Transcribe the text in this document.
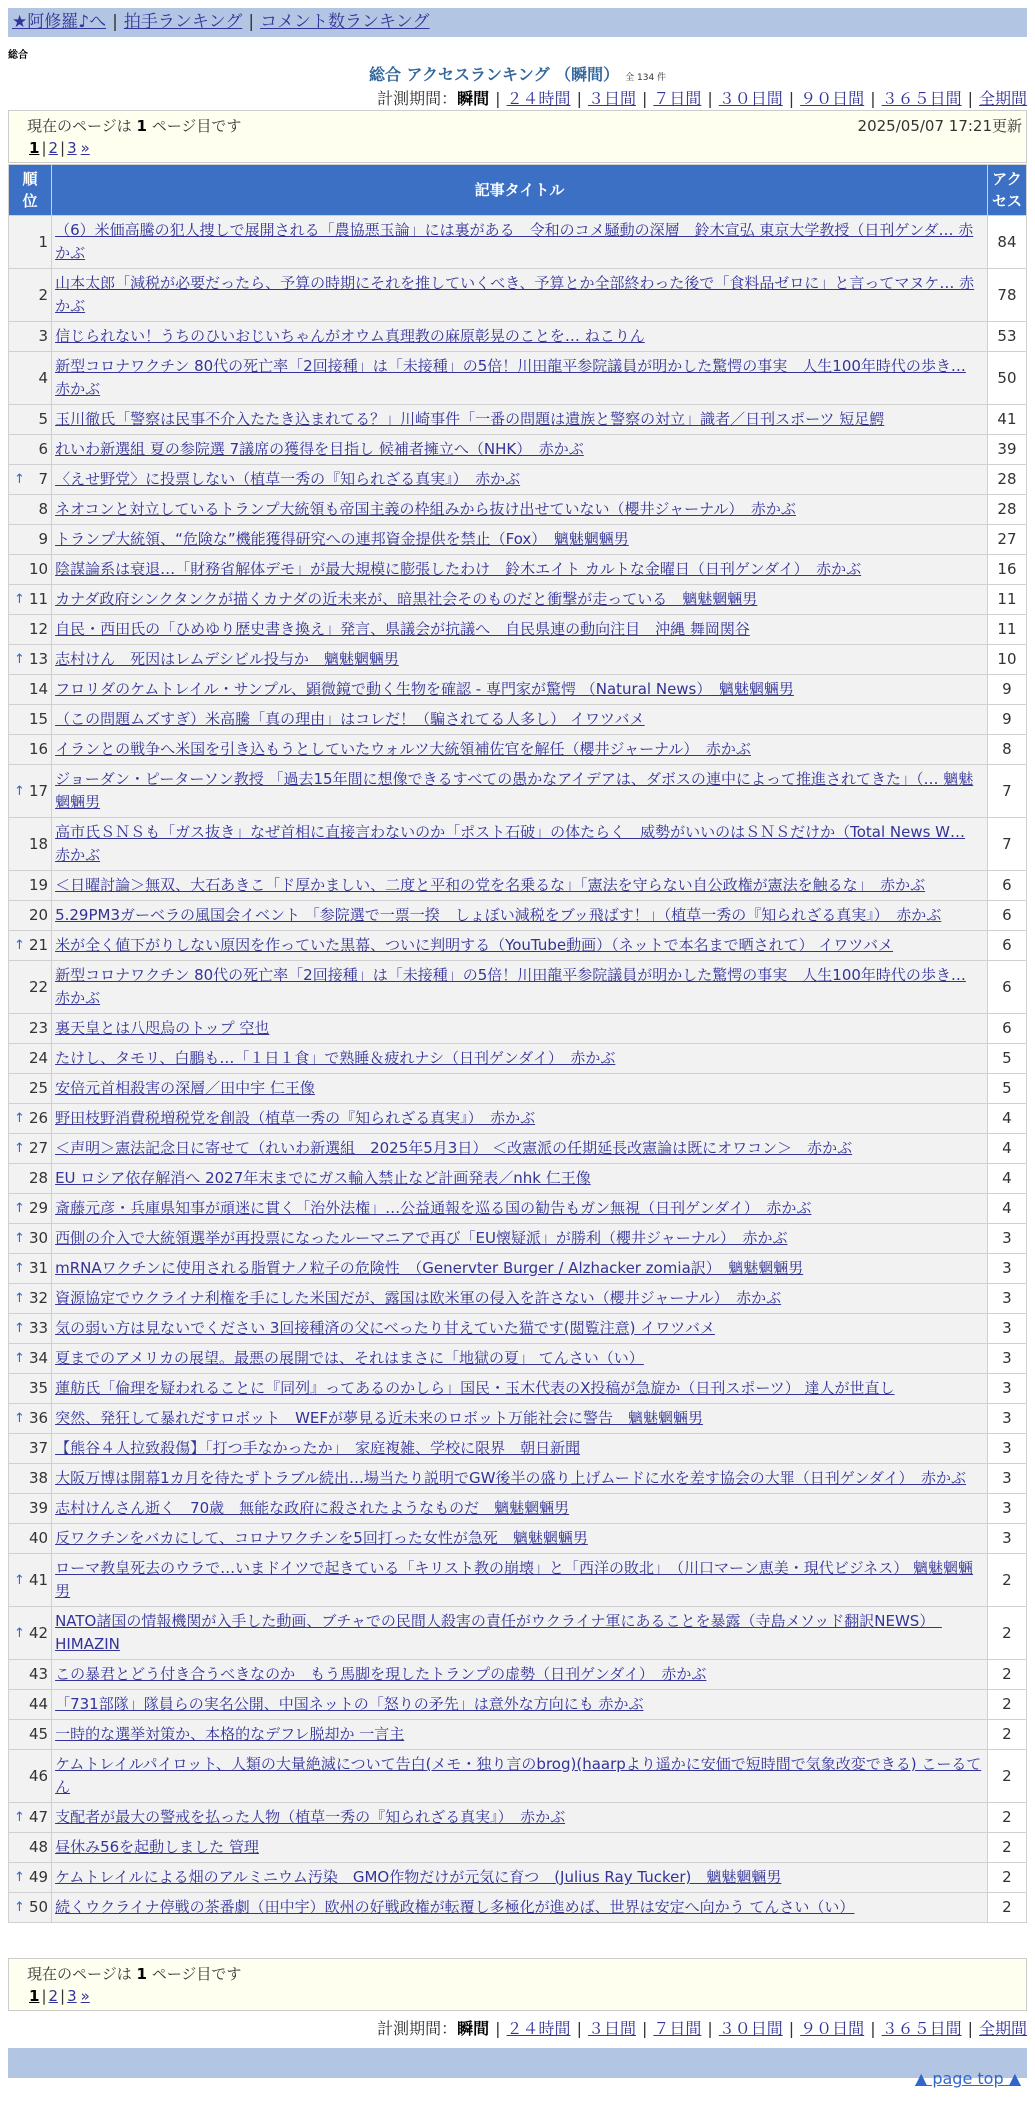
★阿修羅♪へ | 拍手ランキング | コメント数ランキング
総合
総合 アクセスランキング （瞬間） 全 134 件
計測期間：瞬間 | ２４時間 | ３日間 | ７日間 | ３０日間 | ９０日間 | ３６５日間 | 全期間
現在のページは 1 ページ目です	2025/05/07 17:21更新
1 | 2 | 3 »
順位	記事タイトル	アクセス
1	（6）米価高騰の犯人捜しで展開される「農協悪玉論」には裏がある　令和のコメ騒動の深層　鈴木宣弘 東京大学教授（日刊ゲンダ… 赤かぶ	84
2	山本太郎「減税が必要だったら、予算の時期にそれを推していくべき、予算とか全部終わった後で「食料品ゼロに」と言ってマヌケ… 赤かぶ	78
3	信じられない！うちのひいおじいちゃんがオウム真理教の麻原彰晃のことを… ねこりん	53
4	新型コロナワクチン 80代の死亡率「2回接種」は「未接種」の5倍！川田龍平参院議員が明かした驚愕の事実　人生100年時代の歩き… 赤かぶ	50
5	玉川徹氏「警察は民事不介入たたき込まれてる？」川崎事件「一番の問題は遺族と警察の対立」識者／日刊スポーツ 短足鰐	41
6	れいわ新選組 夏の参院選 7議席の獲得を目指し 候補者擁立へ（NHK）　赤かぶ	39

↑ 7	〈えせ野党〉に投票しない（植草一秀の『知られざる真実』）　赤かぶ	28
8	ネオコンと対立しているトランプ大統領も帝国主義の枠組みから抜け出せていない（櫻井ジャーナル）　赤かぶ	28
9	トランプ大統領、“危険な”機能獲得研究への連邦資金提供を禁止（Fox）　魑魅魍魎男	27
10	陰謀論系は衰退…「財務省解体デモ」が最大規模に膨張したわけ　鈴木エイト カルトな金曜日（日刊ゲンダイ）　赤かぶ	16

↑ 11	カナダ政府シンクタンクが描くカナダの近未来が、暗黒社会そのものだと衝撃が走っている　魑魅魍魎男	11
12	自民・西田氏の「ひめゆり歴史書き換え」発言、県議会が抗議へ　自民県連の動向注目　沖縄 舞岡関谷	11

↑ 13	志村けん　死因はレムデシビル投与か　魑魅魍魎男	10
14	フロリダのケムトレイル・サンプル、顕微鏡で動く生物を確認 - 専門家が驚愕 （Natural News）　魑魅魍魎男	9
15	（この問題ムズすぎ）米高騰「真の理由」はコレだ！（騙されてる人多し） イワツバメ	9
16	イランとの戦争へ米国を引き込もうとしていたウォルツ大統領補佐官を解任（櫻井ジャーナル）　赤かぶ	8

↑ 17	ジョーダン・ピーターソン教授 「過去15年間に想像できるすべての愚かなアイデアは、ダボスの連中によって推進されてきた」（… 魑魅魍魎男	7
18	高市氏ＳＮＳも「ガス抜き」なぜ首相に直接言わないのか「ポスト石破」の体たらく　威勢がいいのはＳＮＳだけか（Total News W… 赤かぶ	7
19	＜日曜討論＞無双、大石あきこ「ド厚かましい、二度と平和の党を名乗るな」「憲法を守らない自公政権が憲法を触るな」　赤かぶ	6
20	5.29PM3ガーベラの風国会イベント 「参院選で一票一揆　しょぼい減税をブッ飛ばす！」（植草一秀の『知られざる真実』）　赤かぶ	6

↑ 21	米が全く値下がりしない原因を作っていた黒幕、ついに判明する（YouTube動画）（ネットで本名まで晒されて） イワツバメ	6
22	新型コロナワクチン 80代の死亡率「2回接種」は「未接種」の5倍！川田龍平参院議員が明かした驚愕の事実　人生100年時代の歩き… 赤かぶ	6
23	裏天皇とは八咫烏のトップ 空也	6
24	たけし、タモリ、白鵬も…「１日１食」で熟睡＆疲れナシ（日刊ゲンダイ）　赤かぶ	5
25	安倍元首相殺害の深層／田中宇 仁王像	5

↑ 26	野田枝野消費税増税党を創設（植草一秀の『知られざる真実』）　赤かぶ	4

↑ 27	＜声明＞憲法記念日に寄せて（れいわ新選組　2025年5月3日） ＜改憲派の任期延長改憲論は既にオワコン＞　赤かぶ	4
28	EU ロシア依存解消へ 2027年末までにガス輸入禁止など計画発表／nhk 仁王像	4

↑ 29	斎藤元彦・兵庫県知事が頑迷に貫く「治外法権」…公益通報を巡る国の勧告もガン無視（日刊ゲンダイ）　赤かぶ	4

↑ 30	西側の介入で大統領選挙が再投票になったルーマニアで再び「EU懐疑派」が勝利（櫻井ジャーナル）　赤かぶ	3

↑ 31	mRNAワクチンに使用される脂質ナノ粒子の危険性　（Genervter Burger / Alzhacker zomia訳）　魑魅魍魎男	3

↑ 32	資源協定でウクライナ利権を手にした米国だが、露国は欧米軍の侵入を許さない（櫻井ジャーナル）　赤かぶ	3

↑ 33	気の弱い方は見ないでください 3回接種済の父にべったり甘えていた猫です(閲覧注意) イワツバメ	3

↑ 34	夏までのアメリカの展望。最悪の展開では、それはまさに「地獄の夏」 てんさい（い）	3
35	蓮舫氏「倫理を疑われることに『同列』ってあるのかしら」国民・玉木代表のX投稿が急旋か（日刊スポーツ） 達人が世直し	3

↑ 36	突然、発狂して暴れだすロボット　WEFが夢見る近未来のロボット万能社会に警告　魑魅魍魎男	3
37	【熊谷４人拉致殺傷】「打つ手なかったか」　家庭複雑、学校に限界　朝日新聞	3
38	大阪万博は開幕1カ月を待たずトラブル続出…場当たり説明でGW後半の盛り上げムードに水を差す協会の大罪（日刊ゲンダイ）　赤かぶ	3
39	志村けんさん逝く　70歳　無能な政府に殺されたようなものだ　魑魅魍魎男	3
40	反ワクチンをバカにして、コロナワクチンを5回打った女性が急死　魑魅魍魎男	3

↑ 41	ローマ教皇死去のウラで…いまドイツで起きている「キリスト教の崩壊」と「西洋の敗北」　（川口マーン恵美・現代ビジネス） 魑魅魍魎男	2

↑ 42	NATO諸国の情報機関が入手した動画、ブチャでの民間人殺害の責任がウクライナ軍にあることを暴露（寺島メソッド翻訳NEWS）　HIMAZIN	2
43	この暴君とどう付き合うべきなのか　もう馬脚を現したトランプの虚勢（日刊ゲンダイ）　赤かぶ	2
44	「731部隊」隊員らの実名公開、中国ネットの「怒りの矛先」は意外な方向にも 赤かぶ	2
45	一時的な選挙対策か、本格的なデフレ脱却か 一言主	2
46	ケムトレイルパイロット、人類の大量絶滅について告白(メモ・独り言のbrog)(haarpより遥かに安価で短時間で気象改変できる) こーるてん	2

↑ 47	支配者が最大の警戒を払った人物（植草一秀の『知られざる真実』）　赤かぶ	2
48	昼休み56を起動しました 管理	2

↑ 49	ケムトレイルによる畑のアルミニウム汚染　GMO作物だけが元気に育つ　(Julius Ray Tucker)　魑魅魍魎男	2

↑ 50	続くウクライナ停戦の茶番劇（田中宇）欧州の好戦政権が転覆し多極化が進めば、世界は安定へ向かう てんさい（い）	2
現在のページは 1 ページ目です
1 | 2 | 3 »
計測期間：瞬間 | ２４時間 | ３日間 | ７日間 | ３０日間 | ９０日間 | ３６５日間 | 全期間
▲ page top ▲
